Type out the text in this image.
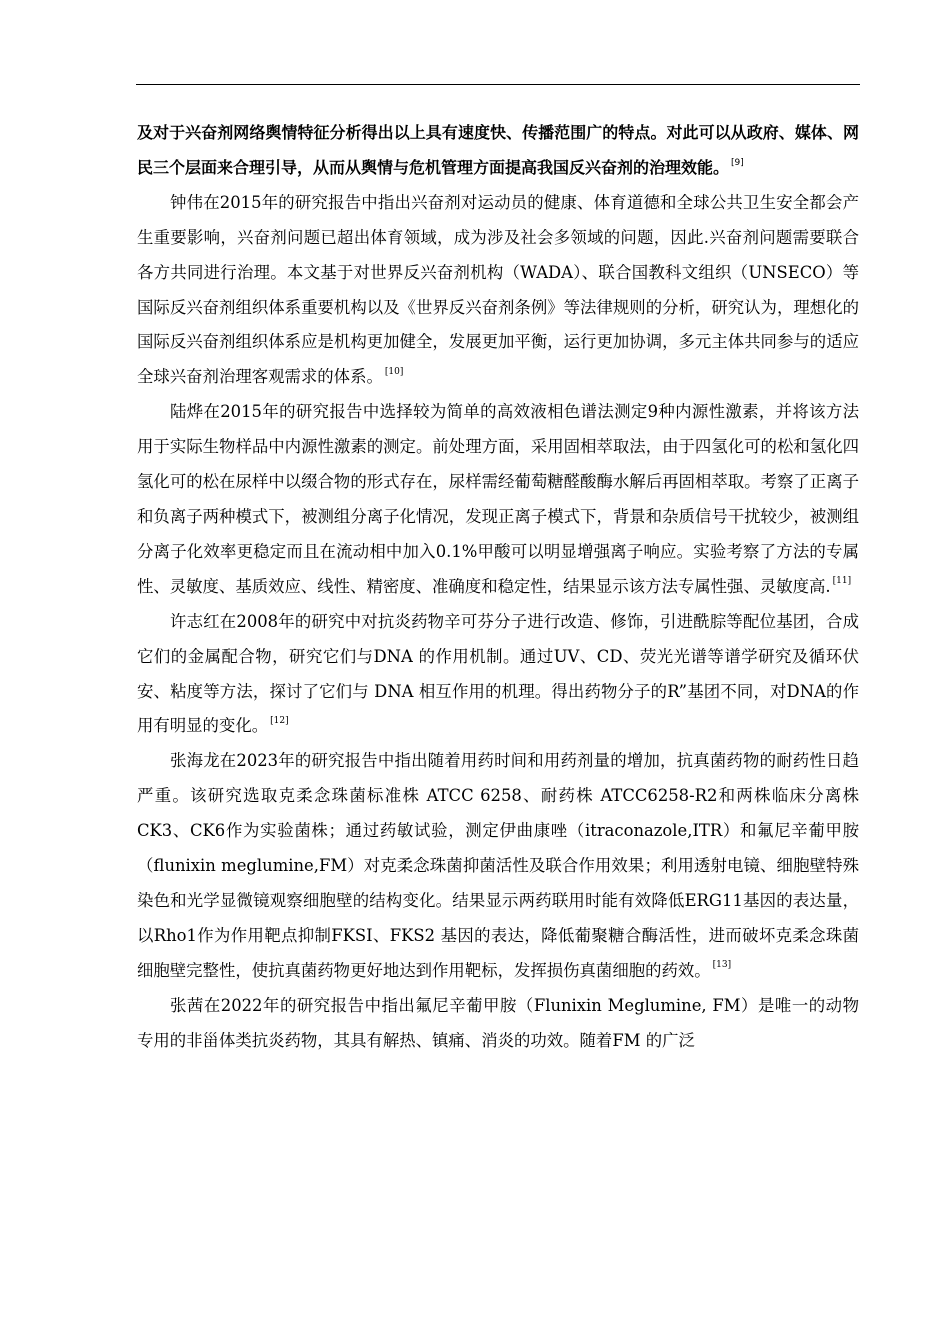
及对于兴奋剂网络舆情特征分析得出以上具有速度快、传播范围广的特点。对此可以从政府、媒体、网民三个层面来合理引导，从而从舆情与危机管理方面提高我国反兴奋剂的治理效能。 [9]

钟伟在2015年的研究报告中指出兴奋剂对运动员的健康、体育道德和全球公共卫生安全都会产生重要影响，兴奋剂问题已超出体育领域，成为涉及社会多领域的问题，因此.兴奋剂问题需要联合各方共同进行治理。本文基于对世界反兴奋剂机构（WADA）、联合国教科文组织（UNSECO）等国际反兴奋剂组织体系重要机构以及《世界反兴奋剂条例》等法律规则的分析，研究认为，理想化的国际反兴奋剂组织体系应是机构更加健全，发展更加平衡，运行更加协调，多元主体共同参与的适应全球兴奋剂治理客观需求的体系。 [10]

陆烨在2015年的研究报告中选择较为简单的高效液相色谱法测定9种内源性激素，并将该方法用于实际生物样品中内源性激素的测定。前处理方面，采用固相萃取法，由于四氢化可的松和氢化四氢化可的松在尿样中以缀合物的形式存在，尿样需经葡萄糖醛酸酶水解后再固相萃取。考察了正离子和负离子两种模式下，被测组分离子化情况，发现正离子模式下，背景和杂质信号干扰较少，被测组分离子化效率更稳定而且在流动相中加入0.1%甲酸可以明显增强离子响应。实验考察了方法的专属性、灵敏度、基质效应、线性、精密度、准确度和稳定性，结果显示该方法专属性强、灵敏度高. [11]

许志红在2008年的研究中对抗炎药物辛可芬分子进行改造、修饰，引进酰腙等配位基团，合成它们的金属配合物，研究它们与DNA 的作用机制。通过UV、CD、荧光光谱等谱学研究及循环伏安、粘度等方法，探讨了它们与 DNA 相互作用的机理。得出药物分子的R”基团不同，对DNA的作用有明显的变化。 [12]

张海龙在2023年的研究报告中指出随着用药时间和用药剂量的增加，抗真菌药物的耐药性日趋严重。该研究选取克柔念珠菌标准株 ATCC 6258、耐药株 ATCC6258-R2和两株临床分离株CK3、CK6作为实验菌株；通过药敏试验，测定伊曲康唑（itraconazole,ITR）和氟尼辛葡甲胺（flunixin meglumine,FM）对克柔念珠菌抑菌活性及联合作用效果；利用透射电镜、细胞壁特殊染色和光学显微镜观察细胞壁的结构变化。结果显示两药联用时能有效降低ERG11基因的表达量，以Rho1作为作用靶点抑制FKSI、FKS2 基因的表达，降低葡聚糖合酶活性，进而破坏克柔念珠菌细胞壁完整性，使抗真菌药物更好地达到作用靶标，发挥损伤真菌细胞的药效。 [13]

张茜在2022年的研究报告中指出氟尼辛葡甲胺（Flunixin Meglumine, FM）是唯一的动物专用的非甾体类抗炎药物，其具有解热、镇痛、消炎的功效。随着FM 的广泛
